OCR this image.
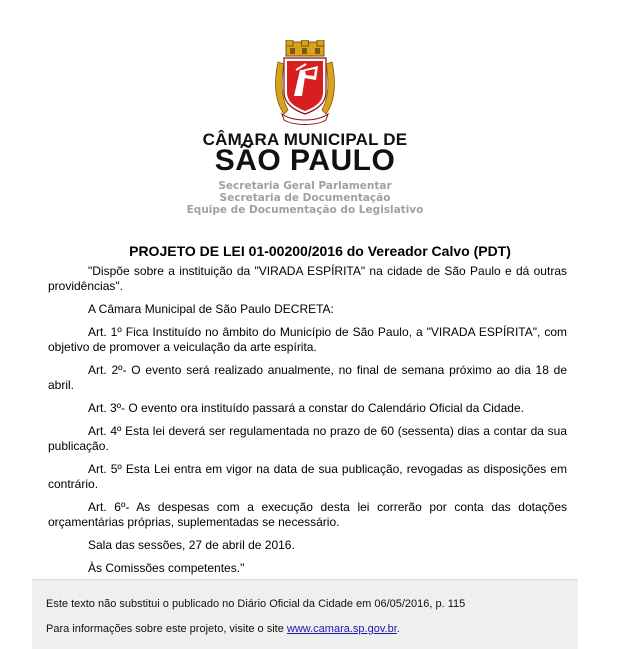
CÂMARA MUNICIPAL DE
SÃO PAULO
Secretaria Geral Parlamentar
Secretaria de Documentação
Equipe de Documentação do Legislativo
PROJETO DE LEI 01-00200/2016 do Vereador Calvo (PDT)

"Dispõe sobre a instituição da "VIRADA ESPÍRITA" na cidade de São Paulo e dá outras providências".

A Câmara Municipal de São Paulo DECRETA:

Art. 1º Fica Instituído no âmbito do Município de São Paulo, a "VIRADA ESPÍRITA", com objetivo de promover a veiculação da arte espírita.

Art. 2º- O evento será realizado anualmente, no final de semana próximo ao dia 18 de abril.

Art. 3º- O evento ora instituído passará a constar do Calendário Oficial da Cidade.

Art. 4º Esta lei deverá ser regulamentada no prazo de 60 (sessenta) dias a contar da sua publicação.

Art. 5º Esta Lei entra em vigor na data de sua publicação, revogadas as disposições em contrário.

Art. 6º- As despesas com a execução desta lei correrão por conta das dotações orçamentárias próprias, suplementadas se necessário.

Sala das sessões, 27 de abril de 2016.

Às Comissões competentes."

Este texto não substitui o publicado no Diário Oficial da Cidade em 06/05/2016, p. 115
Para informações sobre este projeto, visite o site www.camara.sp.gov.br.
